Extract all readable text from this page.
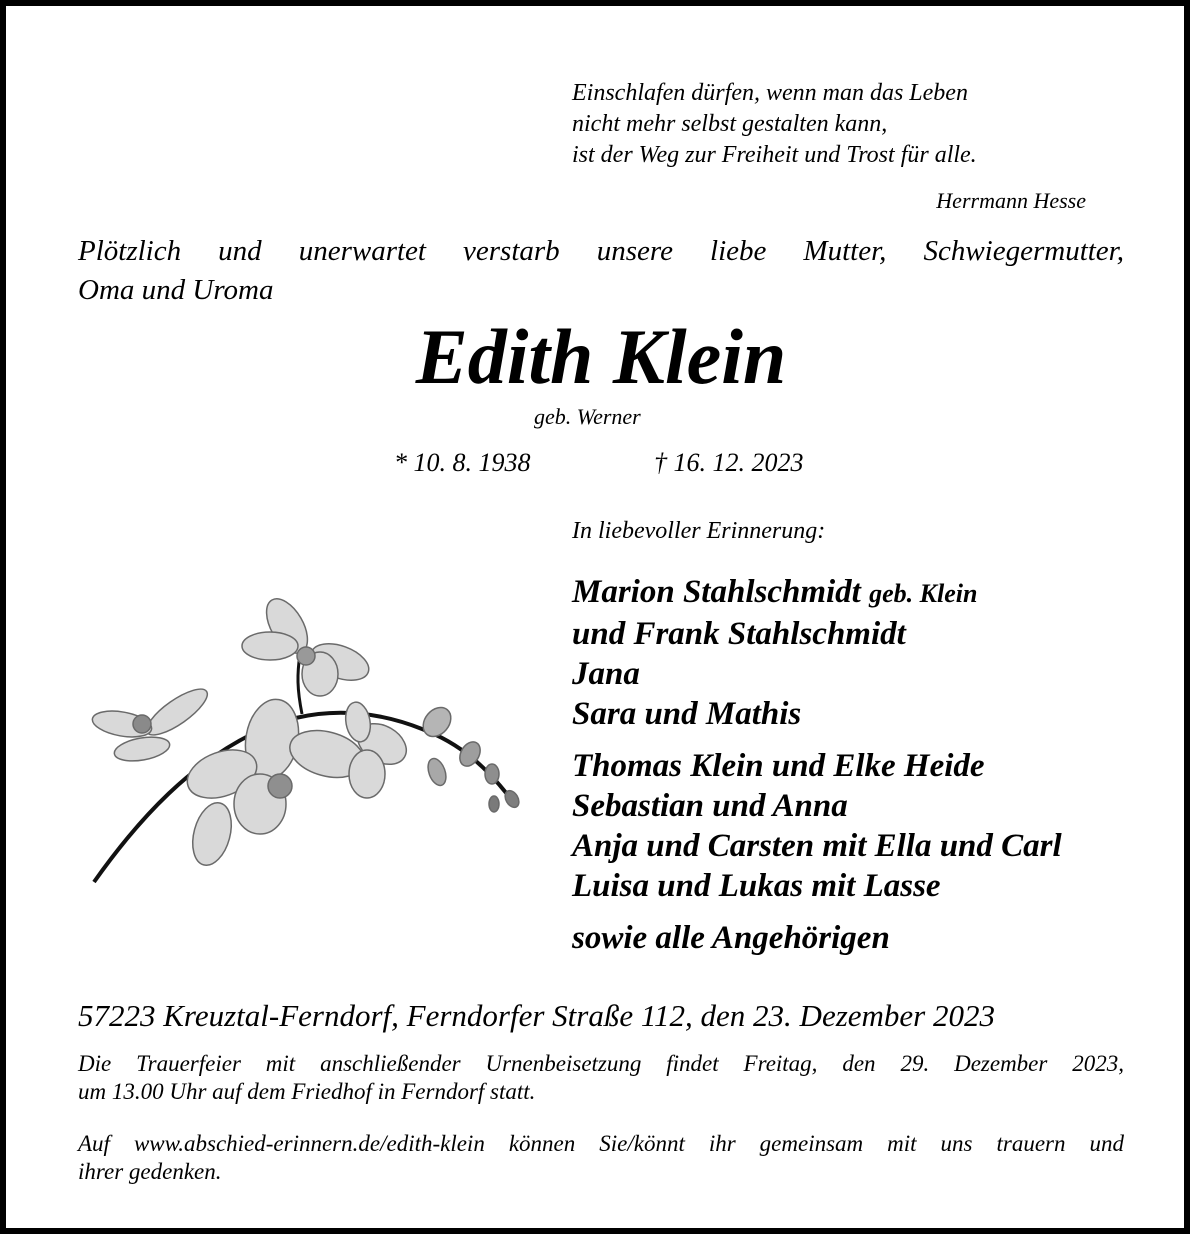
Einschlafen dürfen, wenn man das Leben
nicht mehr selbst gestalten kann,
ist der Weg zur Freiheit und Trost für alle.
Herrmann Hesse
Plötzlich und unerwartet verstarb unsere liebe Mutter, Schwiegermutter,
Oma und Uroma
Edith Klein
geb. Werner
* 10. 8. 1938	† 16. 12. 2023
In liebevoller Erinnerung:
Marion Stahlschmidt geb. Klein
und Frank Stahlschmidt
Jana
Sara und Mathis
Thomas Klein und Elke Heide
Sebastian und Anna
Anja und Carsten mit Ella und Carl
Luisa und Lukas mit Lasse
sowie alle Angehörigen
57223 Kreuztal-Ferndorf, Ferndorfer Straße 112, den 23. Dezember 2023
Die Trauerfeier mit anschließender Urnenbeisetzung findet Freitag, den 29. Dezember 2023,
um 13.00 Uhr auf dem Friedhof in Ferndorf statt.
Auf www.abschied-erinnern.de/edith-klein können Sie/könnt ihr gemeinsam mit uns trauern und
ihrer gedenken.
